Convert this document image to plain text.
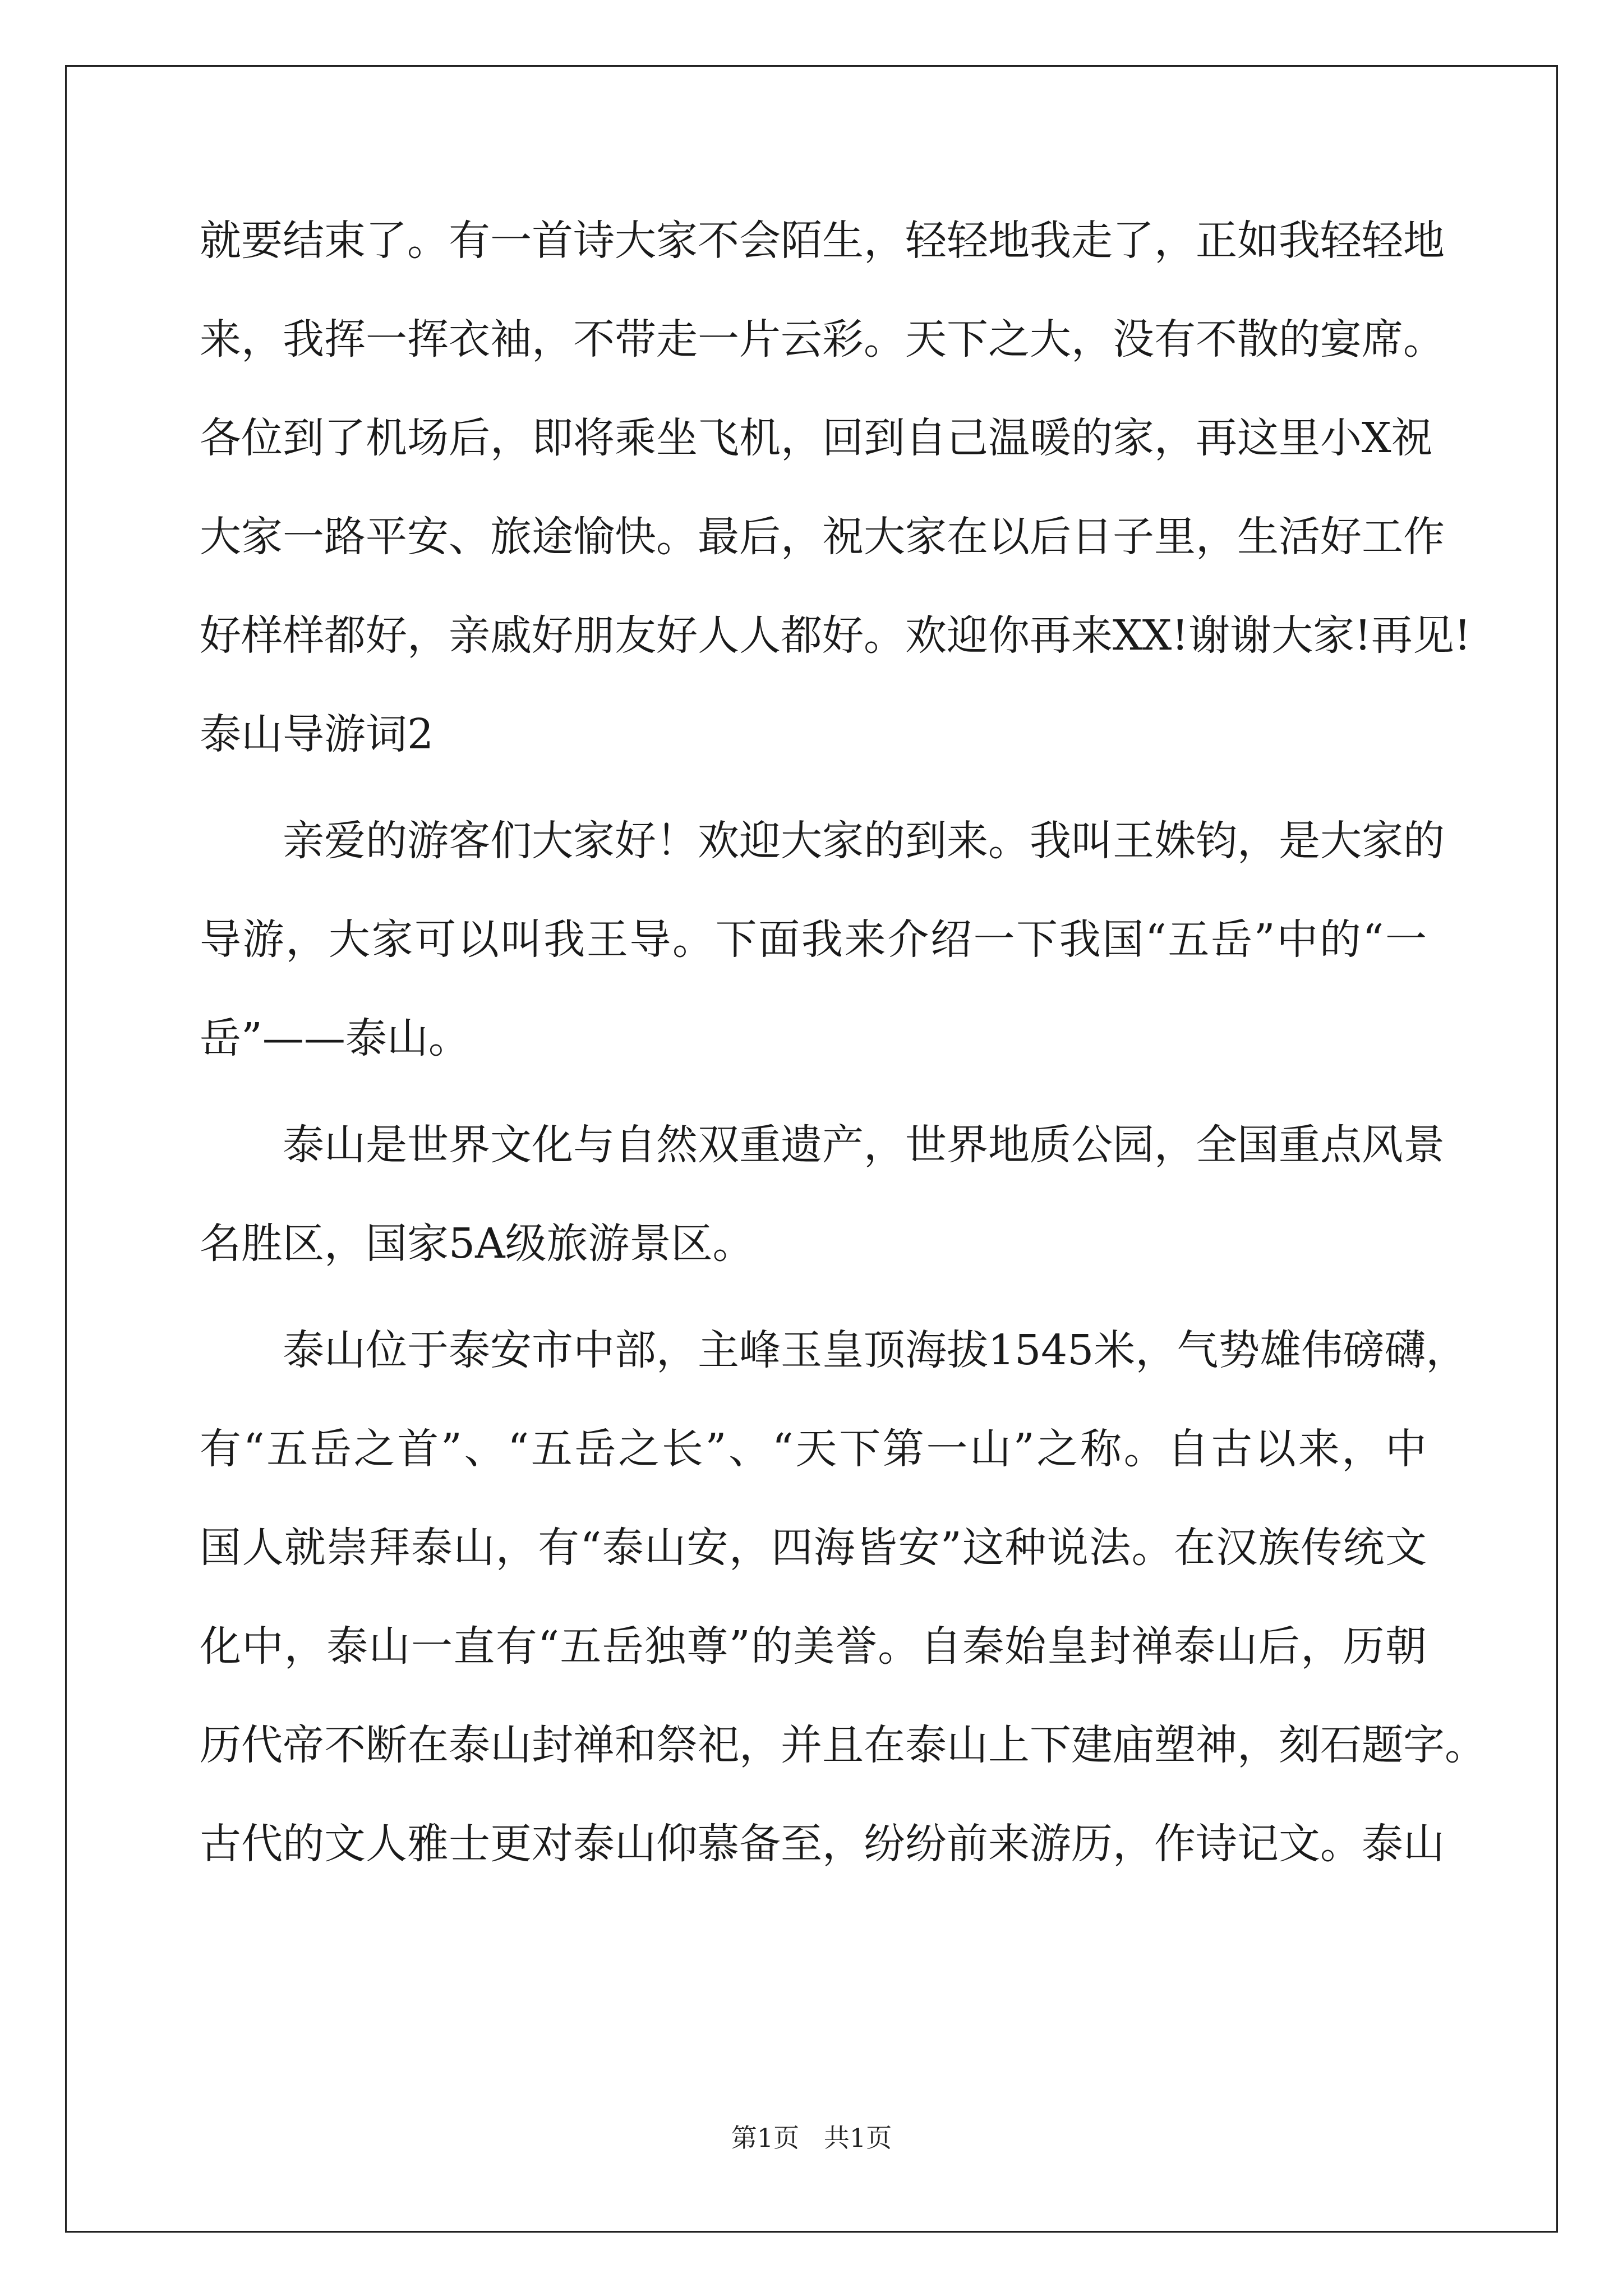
就要结束了。有一首诗大家不会陌生，轻轻地我走了，正如我轻轻地
来，我挥一挥衣袖，不带走一片云彩。天下之大，没有不散的宴席。
各位到了机场后，即将乘坐飞机，回到自己温暖的家，再这里小X祝
大家一路平安、旅途愉快。最后，祝大家在以后日子里，生活好工作
好样样都好，亲戚好朋友好人人都好。欢迎你再来XX!谢谢大家!再见!
泰山导游词2
亲爱的游客们大家好！欢迎大家的到来。我叫王姝钧，是大家的
导游，大家可以叫我王导。下面我来介绍一下我国“五岳”中的“一
岳”——泰山。
泰山是世界文化与自然双重遗产，世界地质公园，全国重点风景
名胜区，国家5A级旅游景区。
泰山位于泰安市中部，主峰玉皇顶海拔1545米，气势雄伟磅礴，
有“五岳之首”、“五岳之长”、“天下第一山”之称。自古以来，中
国人就崇拜泰山，有“泰山安，四海皆安”这种说法。在汉族传统文
化中，泰山一直有“五岳独尊”的美誉。自秦始皇封禅泰山后，历朝
历代帝不断在泰山封禅和祭祀，并且在泰山上下建庙塑神，刻石题字。
古代的文人雅士更对泰山仰慕备至，纷纷前来游历，作诗记文。泰山
第1页   共1页
